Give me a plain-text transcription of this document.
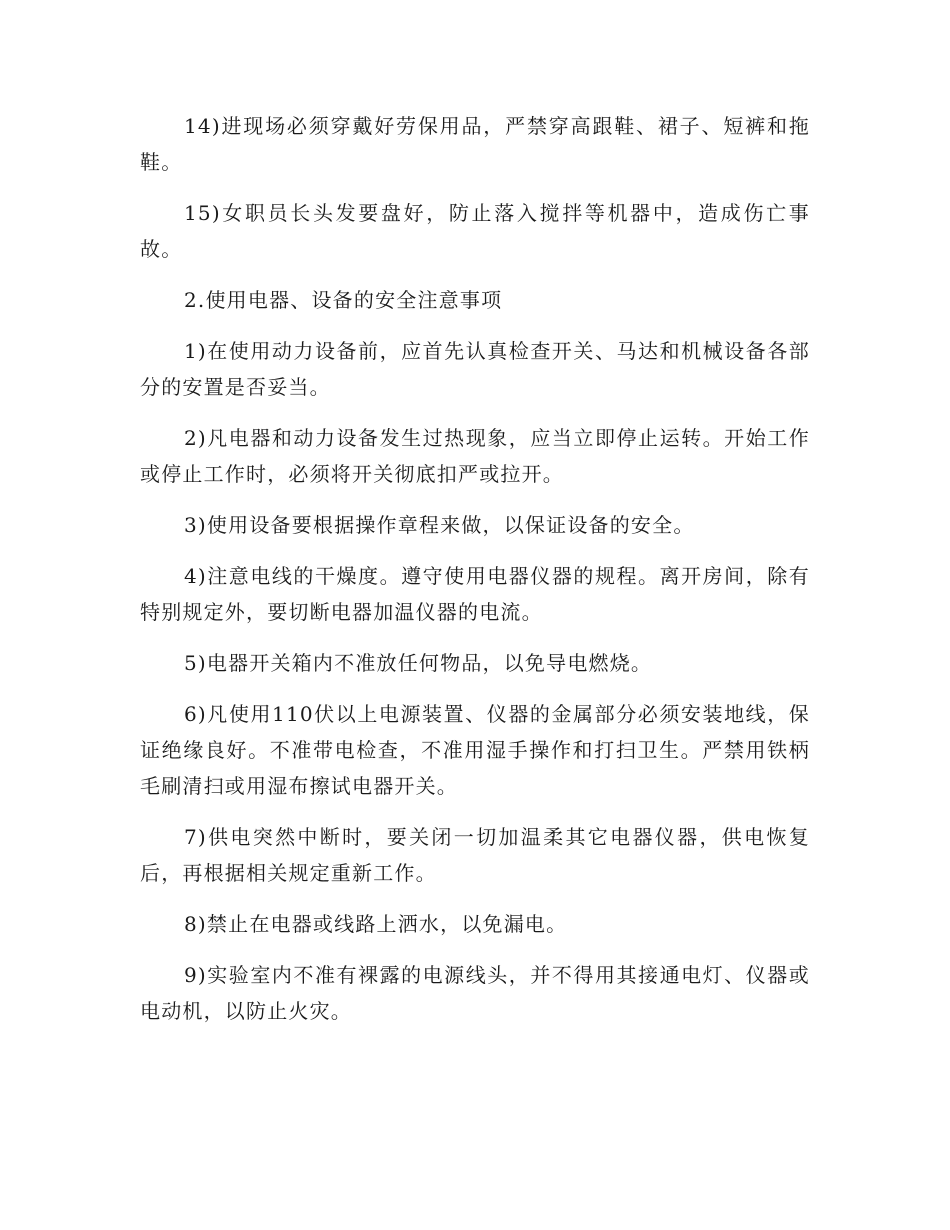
14)进现场必须穿戴好劳保用品，严禁穿高跟鞋、裙子、短裤和拖鞋。

15)女职员长头发要盘好，防止落入搅拌等机器中，造成伤亡事故。

2.使用电器、设备的安全注意事项

1)在使用动力设备前，应首先认真检查开关、马达和机械设备各部分的安置是否妥当。

2)凡电器和动力设备发生过热现象，应当立即停止运转。开始工作或停止工作时，必须将开关彻底扣严或拉开。

3)使用设备要根据操作章程来做，以保证设备的安全。

4)注意电线的干燥度。遵守使用电器仪器的规程。离开房间，除有特别规定外，要切断电器加温仪器的电流。

5)电器开关箱内不准放任何物品，以免导电燃烧。

6)凡使用110伏以上电源装置、仪器的金属部分必须安装地线，保证绝缘良好。不准带电检查，不准用湿手操作和打扫卫生。严禁用铁柄毛刷清扫或用湿布擦试电器开关。

7)供电突然中断时，要关闭一切加温柔其它电器仪器，供电恢复后，再根据相关规定重新工作。

8)禁止在电器或线路上洒水，以免漏电。

9)实验室内不准有裸露的电源线头，并不得用其接通电灯、仪器或电动机，以防止火灾。
